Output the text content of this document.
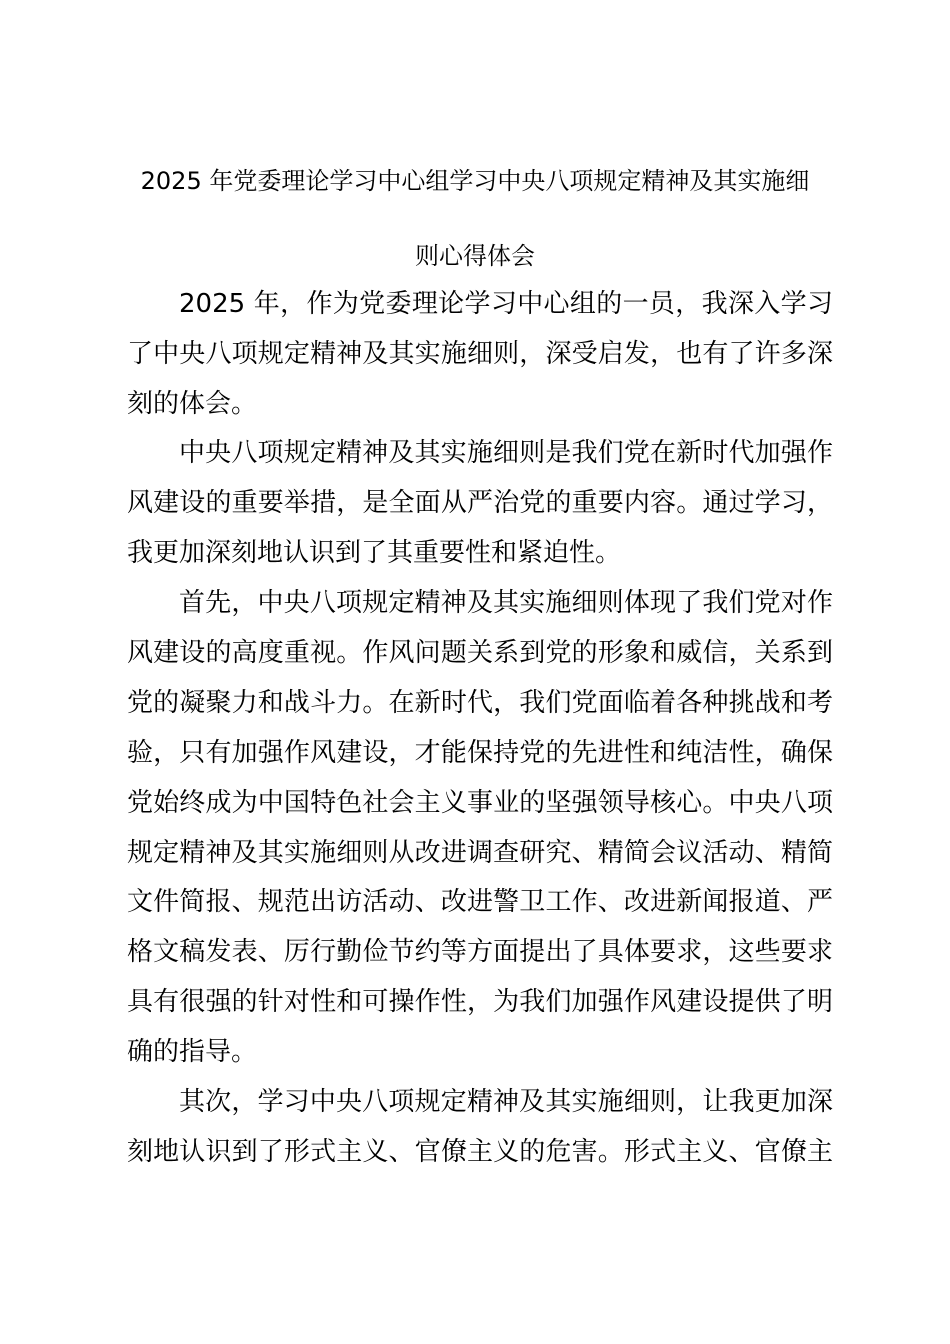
2025 年党委理论学习中心组学习中央八项规定精神及其实施细
则心得体会
2025 年，作为党委理论学习中心组的一员，我深入学习
了中央八项规定精神及其实施细则，深受启发，也有了许多深
刻的体会。
中央八项规定精神及其实施细则是我们党在新时代加强作
风建设的重要举措，是全面从严治党的重要内容。通过学习，
我更加深刻地认识到了其重要性和紧迫性。
首先，中央八项规定精神及其实施细则体现了我们党对作
风建设的高度重视。作风问题关系到党的形象和威信，关系到
党的凝聚力和战斗力。在新时代，我们党面临着各种挑战和考
验，只有加强作风建设，才能保持党的先进性和纯洁性，确保
党始终成为中国特色社会主义事业的坚强领导核心。中央八项
规定精神及其实施细则从改进调查研究、精简会议活动、精简
文件简报、规范出访活动、改进警卫工作、改进新闻报道、严
格文稿发表、厉行勤俭节约等方面提出了具体要求，这些要求
具有很强的针对性和可操作性，为我们加强作风建设提供了明
确的指导。
其次，学习中央八项规定精神及其实施细则，让我更加深
刻地认识到了形式主义、官僚主义的危害。形式主义、官僚主
